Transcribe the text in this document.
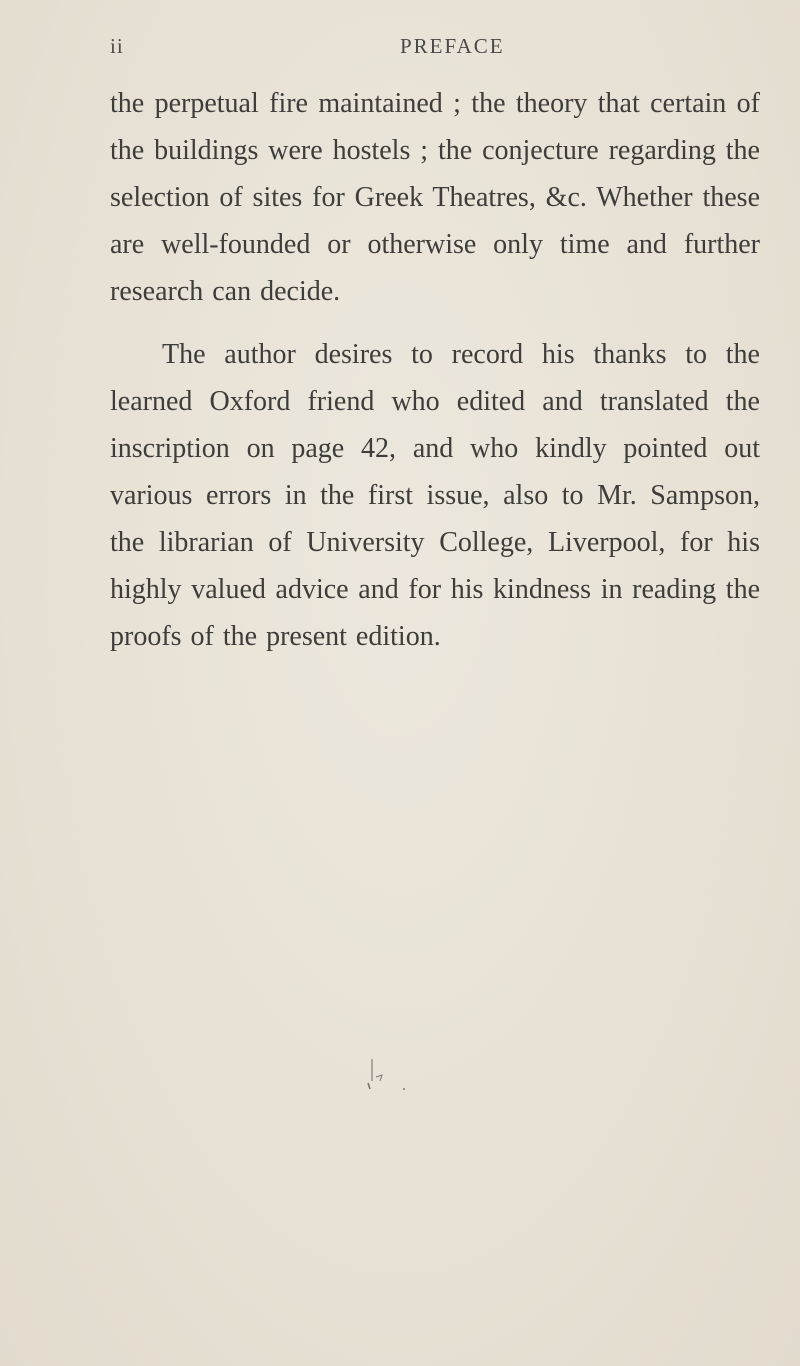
ii	PREFACE

the perpetual fire maintained ; the theory that certain of the buildings were hostels ; the conjecture regarding the selection of sites for Greek Theatres, &c. Whether these are well-founded or otherwise only time and further research can decide.

The author desires to record his thanks to the learned Oxford friend who edited and translated the inscription on page 42, and who kindly pointed out various errors in the first issue, also to Mr. Sampson, the librarian of University College, Liverpool, for his highly valued advice and for his kindness in reading the proofs of the present edition.
